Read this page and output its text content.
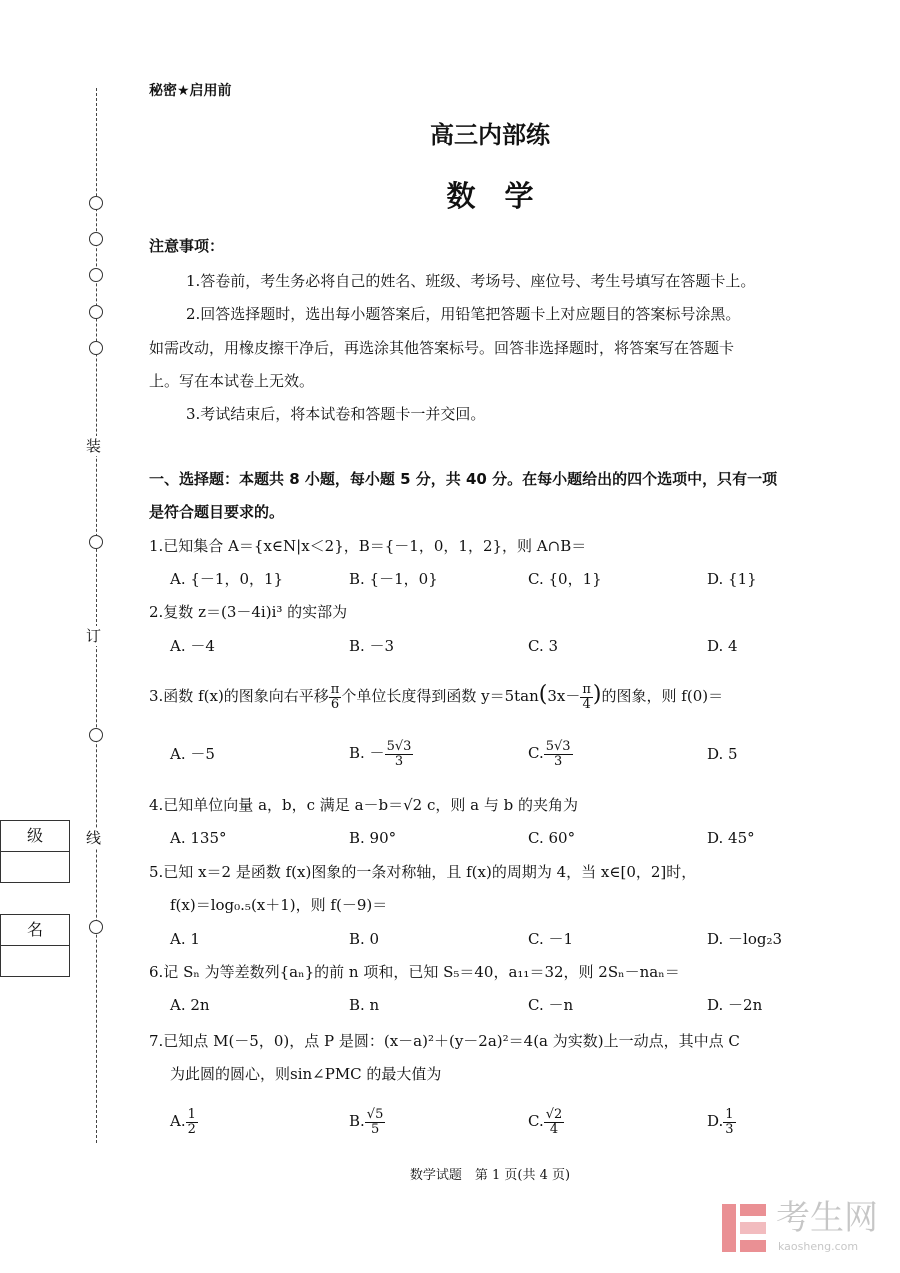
装
订
线
级
名
秘密★启用前
高三内部练
数　学
注意事项：
1.答卷前，考生务必将自己的姓名、班级、考场号、座位号、考生号填写在答题卡上。
2.回答选择题时，选出每小题答案后，用铅笔把答题卡上对应题目的答案标号涂黑。
如需改动，用橡皮擦干净后，再选涂其他答案标号。回答非选择题时，将答案写在答题卡
上。写在本试卷上无效。
3.考试结束后，将本试卷和答题卡一并交回。
一、选择题：本题共 8 小题，每小题 5 分，共 40 分。在每小题给出的四个选项中，只有一项
是符合题目要求的。
1.已知集合 A＝{x∈N|x＜2}，B＝{－1，0，1，2}，则 A∩B＝
A. {－1，0，1}	B. {－1，0}	C. {0，1}	D. {1}
2.复数 z＝(3－4i)i³ 的实部为
A. －4	B. －3	C. 3	D. 4
3.函数 f(x)的图象向右平移 $\frac{\pi}{6}$ 个单位长度得到函数 $y=5\tan(3x- \frac{\pi}{4}$ )的图象，则 f(0)＝
A. －5	B. － $\frac{5√3}{3}$	C. $\frac{5√3}{3}$	D. 5
4.已知单位向量 a，b，c 满足 a－b＝√2 c，则 a 与 b 的夹角为
A. 135°	B. 90°	C. 60°	D. 45°
5.已知 x＝2 是函数 f(x)图象的一条对称轴，且 f(x)的周期为 4，当 x∈[0，2]时，
f(x)＝log₀.₅(x＋1)，则 f(－9)＝
A. 1	B. 0	C. －1	D. －log₂3
6.记 Sₙ 为等差数列{aₙ}的前 n 项和，已知 S₅＝40，a₁₁＝32，则 2Sₙ－naₙ＝
A. 2n	B. n	C. －n	D. －2n
7.已知点 M(－5，0)，点 P 是圆：(x－a)²＋(y－2a)²＝4(a 为实数)上一动点，其中点 C
为此圆的圆心，则sin∠PMC 的最大值为
A. $\frac{1}{2}$	B. $\frac{√5}{5}$	C. $\frac{√2}{4}$	D. $\frac{1}{3}$
数学试题　第 1 页(共 4 页)
考生网
kaosheng.com
